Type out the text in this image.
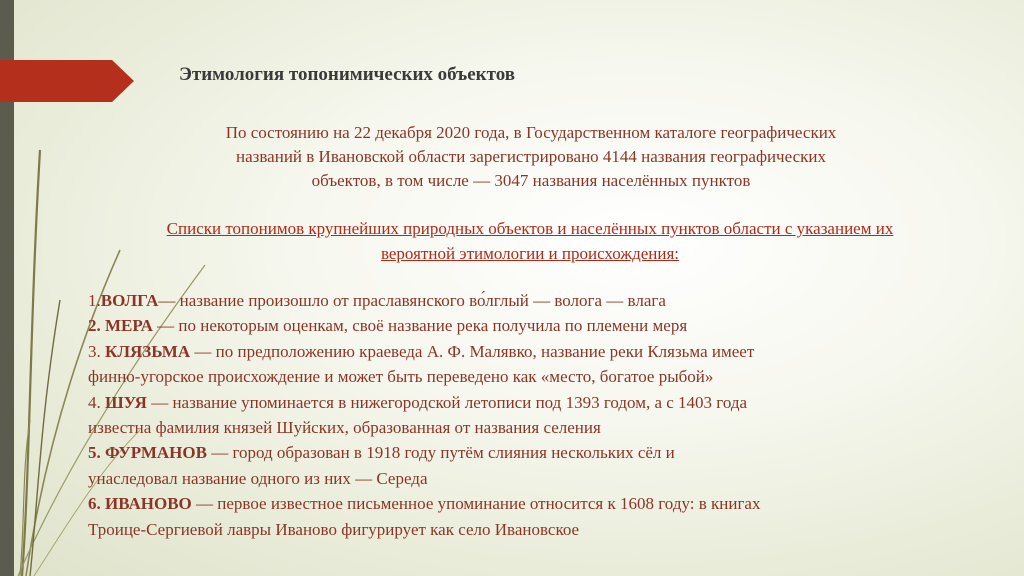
Этимология топонимических объектов

По состоянию на 22 декабря 2020 года, в Государственном каталоге географических

названий в Ивановской области зарегистрировано 4144 названия географических

объектов, в том числе — 3047 названия населённых пунктов

Списки топонимов крупнейших природных объектов и населённых пунктов области с указанием их

вероятной этимологии и происхождения:

1.ВОЛГА— название произошло от праславянского во́лглый — волога — влага

2. МЕРА — по некоторым оценкам, своё название река получила по племени меря

3. КЛЯЗЬМА — по предположению краеведа А. Ф. Малявко, название реки Клязьма имеет

финно-угорское происхождение и может быть переведено как «место, богатое рыбой»

4. ШУЯ — название упоминается в нижегородской летописи под 1393 годом, а с 1403 года

известна фамилия князей Шуйских, образованная от названия селения

5. ФУРМАНОВ — город образован в 1918 году путём слияния нескольких сёл и

унаследовал название одного из них — Середа

6. ИВАНОВО — первое известное письменное упоминание относится к 1608 году: в книгах

Троице-Сергиевой лавры Иваново фигурирует как село Ивановское
